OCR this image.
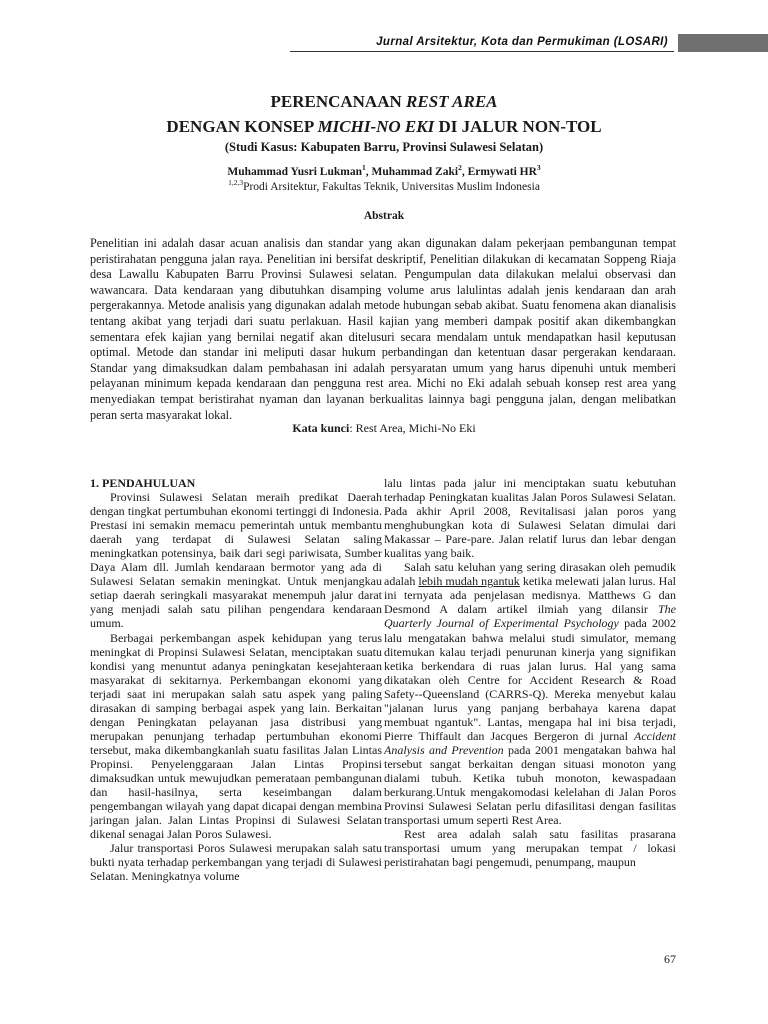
Jurnal Arsitektur, Kota dan Permukiman (LOSARI)
PERENCANAAN REST AREA
DENGAN KONSEP MICHI-NO EKI DI JALUR NON-TOL
(Studi Kasus: Kabupaten Barru, Provinsi Sulawesi Selatan)
Muhammad Yusri Lukman$^1$, Muhammad Zaki$^2$, Ermywati $HR^3$
$^{1,2,3}$Prodi Arsitektur, Fakultas Teknik, Universitas Muslim Indonesia
Abstrak

Penelitian ini adalah dasar acuan analisis dan standar yang akan digunakan dalam pekerjaan pembangunan tempat peristirahatan pengguna jalan raya. Penelitian ini bersifat deskriptif, Penelitian dilakukan di kecamatan Soppeng Riaja desa Lawallu Kabupaten Barru Provinsi Sulawesi selatan. Pengumpulan data dilakukan melalui observasi dan wawancara. Data kendaraan yang dibutuhkan disamping volume arus lalulintas adalah jenis kendaraan dan arah pergerakannya. Metode analisis yang digunakan adalah metode hubungan sebab akibat. Suatu fenomena akan dianalisis tentang akibat yang terjadi dari suatu perlakuan. Hasil kajian yang memberi dampak positif akan dikembangkan sementara efek kajian yang bernilai negatif akan ditelusuri secara mendalam untuk mendapatkan hasil keputusan optimal. Metode dan standar ini meliputi dasar hukum perbandingan dan ketentuan dasar pergerakan kendaraan. Standar yang dimaksudkan dalam pembahasan ini adalah persyaratan umum yang harus dipenuhi untuk memberi pelayanan minimum kepada kendaraan dan pengguna rest area. Michi no Eki adalah sebuah konsep rest area yang menyediakan tempat beristirahat nyaman dan layanan berkualitas lainnya bagi pengguna jalan, dengan melibatkan peran serta masyarakat lokal.

Kata kunci: Rest Area, Michi-No Eki

1. PENDAHULUAN

Provinsi Sulawesi Selatan meraih predikat Daerah dengan tingkat pertumbuhan ekonomi tertinggi di Indonesia. Prestasi ini semakin memacu pemerintah untuk membantu daerah yang terdapat di Sulawesi Selatan saling meningkatkan potensinya, baik dari segi pariwisata, Sumber Daya Alam dll. Jumlah kendaraan bermotor yang ada di Sulawesi Selatan semakin meningkat. Untuk menjangkau setiap daerah seringkali masyarakat menempuh jalur darat yang menjadi salah satu pilihan pengendara kendaraan umum.

Berbagai perkembangan aspek kehidupan yang terus meningkat di Propinsi Sulawesi Selatan, menciptakan suatu kondisi yang menuntut adanya peningkatan kesejahteraan masyarakat di sekitarnya. Perkembangan ekonomi yang terjadi saat ini merupakan salah satu aspek yang paling dirasakan di samping berbagai aspek yang lain. Berkaitan dengan Peningkatan pelayanan jasa distribusi yang merupakan penunjang terhadap pertumbuhan ekonomi tersebut, maka dikembangkanlah suatu fasilitas Jalan Lintas Propinsi. Penyelenggaraan Jalan Lintas Propinsi dimaksudkan untuk mewujudkan pemerataan pembangunan dan hasil-hasilnya, serta keseimbangan dalam pengembangan wilayah yang dapat dicapai dengan membina jaringan jalan. Jalan Lintas Propinsi di Sulawesi Selatan dikenal senagai Jalan Poros Sulawesi.

Jalur transportasi Poros Sulawesi merupakan salah satu bukti nyata terhadap perkembangan yang terjadi di Sulawesi Selatan. Meningkatnya volume

lalu lintas pada jalur ini menciptakan suatu kebutuhan terhadap Peningkatan kualitas Jalan Poros Sulawesi Selatan. Pada akhir April 2008, Revitalisasi jalan poros yang menghubungkan kota di Sulawesi Selatan dimulai dari Makassar – Pare-pare. Jalan relatif lurus dan lebar dengan kualitas yang baik.

Salah satu keluhan yang sering dirasakan oleh pemudik adalah lebih mudah ngantuk ketika melewati jalan lurus. Hal ini ternyata ada penjelasan medisnya. Matthews G dan Desmond A dalam artikel ilmiah yang dilansir The Quarterly Journal of Experimental Psychology pada 2002 lalu mengatakan bahwa melalui studi simulator, memang ditemukan kalau terjadi penurunan kinerja yang signifikan ketika berkendara di ruas jalan lurus. Hal yang sama dikatakan oleh Centre for Accident Research & Road Safety--Queensland (CARRS-Q). Mereka menyebut kalau "jalanan lurus yang panjang berbahaya karena dapat membuat ngantuk". Lantas, mengapa hal ini bisa terjadi, Pierre Thiffault dan Jacques Bergeron di jurnal Accident Analysis and Prevention pada 2001 mengatakan bahwa hal tersebut sangat berkaitan dengan situasi monoton yang dialami tubuh. Ketika tubuh monoton, kewaspadaan berkurang.Untuk mengakomodasi kelelahan di Jalan Poros Provinsi Sulawesi Selatan perlu difasilitasi dengan fasilitas transportasi umum seperti Rest Area.

Rest area adalah salah satu fasilitas prasarana transportasi umum yang merupakan tempat / lokasi peristirahatan bagi pengemudi, penumpang, maupun

67
